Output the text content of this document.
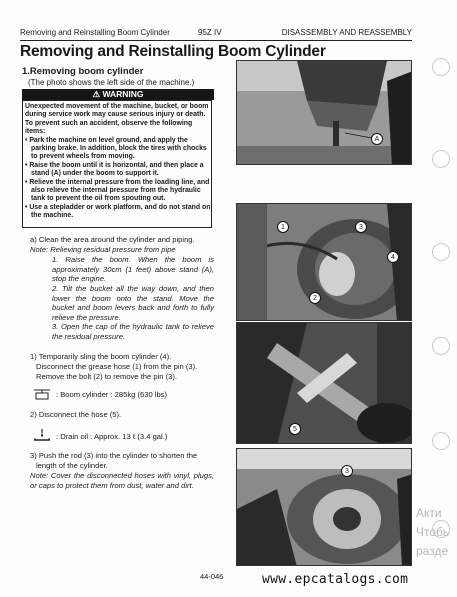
Removing and Reinstalling Boom Cylinder	95Z IV	DISASSEMBLY AND REASSEMBLY
Removing and Reinstalling Boom Cylinder
1.Removing boom cylinder
(The photo shows the left side of the machine.)
⚠ WARNING

Unexpected movement of the machine, bucket, or boom during service work may cause serious injury or death. To prevent such an accident, observe the following items:

• Park the machine on level ground, and apply the parking brake. In addition, block the tires with chocks to prevent wheels from moving.

• Raise the boom until it is horizontal, and then place a stand (A) under the boom to support it.

• Relieve the internal pressure from the loading line, and also relieve the internal pressure from the hydraulic tank to prevent the oil from spouting out.

• Use a stepladder or work platform, and do not stand on the machine.

a) Clean the area around the cylinder and piping.
Note: Relieving residual pressure from pipe
1. Raise the boom. When the boom is approximately 30cm (1 feet) above stand (A), stop the engine.
2. Tilt the bucket all the way down, and then lower the boom onto the stand. Move the bucket and boom levers back and forth to fully relieve the pressure.
3. Open the cap of the hydraulic tank to relieve the residual pressure.
1) Temporarily sling the boom cylinder (4).
Disconnect the grease hose (1) from the pin (3).
Remove the bolt (2) to remove the pin (3).
: Boom cylinder : 285kg (630 lbs)
2) Disconnect the hose (5).
: Drain oil : Approx. 13 ℓ (3.4 gal.)
3) Push the rod (3) into the cylinder to shorten the
length of the cylinder.
Note: Cover the disconnected hoses with vinyl, plugs, or caps to protect them from dust, water and dirt.
A
1	3
4
2
5
3
44-046	www.epcatalogs.com
Акти
Чтобь
разде
